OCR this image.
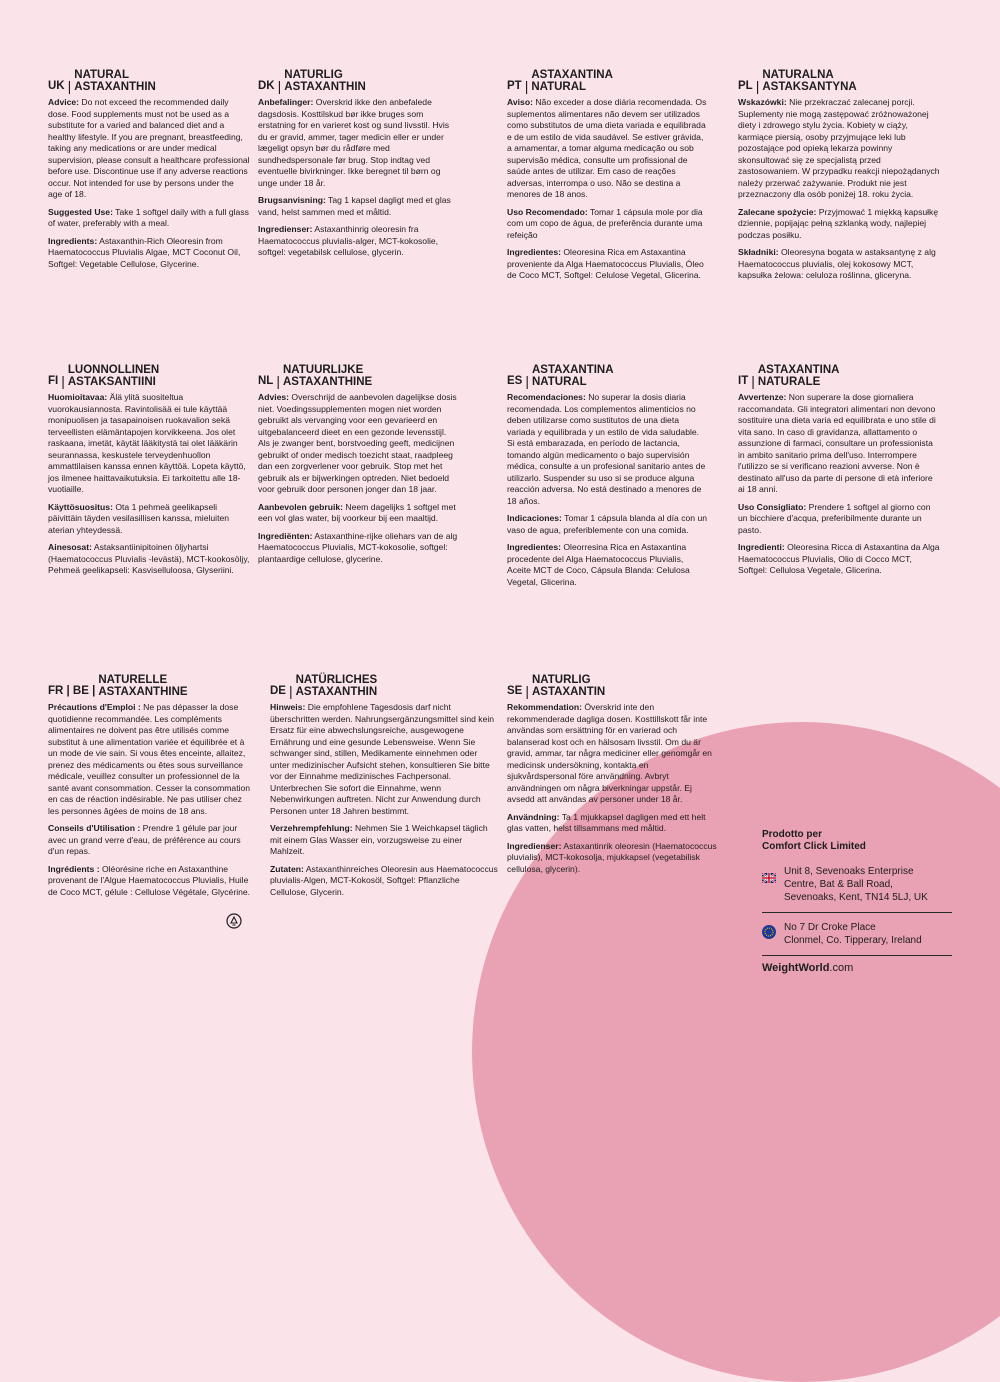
UK |
NATURAL
ASTAXANTHIN

Advice: Do not exceed the recommended daily dose. Food supplements must not be used as a substitute for a varied and balanced diet and a healthy lifestyle. If you are pregnant, breastfeeding, taking any medications or are under medical supervision, please consult a healthcare professional before use. Discontinue use if any adverse reactions occur. Not intended for use by persons under the age of 18.

Suggested Use: Take 1 softgel daily with a full glass of water, preferably with a meal.

Ingredients: Astaxanthin-Rich Oleoresin from Haematococcus Pluvialis Algae, MCT Coconut Oil, Softgel: Vegetable Cellulose, Glycerine.

DK |
NATURLIG
ASTAXANTHIN

Anbefalinger: Overskrid ikke den anbefalede dagsdosis. Kosttilskud bør ikke bruges som erstatning for en varieret kost og sund livsstil. Hvis du er gravid, ammer, tager medicin eller er under lægeligt opsyn bør du rådføre med sundhedspersonale før brug. Stop indtag ved eventuelle bivirkninger. Ikke beregnet til børn og unge under 18 år.

Brugsanvisning: Tag 1 kapsel dagligt med et glas vand, helst sammen med et måltid.

Ingredienser: Astaxanthinrig oleoresin fra Haematococcus pluvialis-alger, MCT-kokosolie, softgel: vegetabilsk cellulose, glycerin.

PT |
ASTAXANTINA
NATURAL

Aviso: Não exceder a dose diária recomendada. Os suplementos alimentares não devem ser utilizados como substitutos de uma dieta variada e equilibrada e de um estilo de vida saudável. Se estiver grávida, a amamentar, a tomar alguma medicação ou sob supervisão médica, consulte um profissional de saúde antes de utilizar. Em caso de reações adversas, interrompa o uso. Não se destina a menores de 18 anos.

Uso Recomendado: Tomar 1 cápsula mole por dia com um copo de água, de preferência durante uma refeição

Ingredientes: Oleoresina Rica em Astaxantina proveniente da Alga Haematococcus Pluvialis, Óleo de Coco MCT, Softgel: Celulose Vegetal, Glicerina.

PL |
NATURALNA
ASTAKSANTYNA

Wskazówki: Nie przekraczać zalecanej porcji. Suplementy nie mogą zastępować zróżnoważonej diety i zdrowego stylu życia. Kobiety w ciąży, karmiące piersią, osoby przyjmujące leki lub pozostające pod opieką lekarza powinny skonsultować się ze specjalistą przed zastosowaniem. W przypadku reakcji niepożądanych należy przerwać zażywanie. Produkt nie jest przeznaczony dla osób poniżej 18. roku życia.

Zalecane spożycie: Przyjmować 1 miękką kapsułkę dziennie, popijając pełną szklanką wody, najlepiej podczas posiłku.

Składniki: Oleoresyna bogata w astaksantynę z alg Haematococcus pluvialis, olej kokosowy MCT, kapsułka żelowa: celuloza roślinna, gliceryna.

FI |
LUONNOLLINEN
ASTAKSANTIINI

Huomioitavaa: Älä ylitä suositeltua vuorokausiannosta. Ravintolisää ei tule käyttää monipuolisen ja tasapainoisen ruokavalion sekä terveellisten elämäntapojen korvikkeena. Jos olet raskaana, imetät, käytät lääkitystä tai olet lääkärin seurannassa, keskustele terveydenhuollon ammattilaisen kanssa ennen käyttöä. Lopeta käyttö, jos ilmenee haittavaikutuksia. Ei tarkoitettu alle 18-vuotiaille.

Käyttösuositus: Ota 1 pehmeä geelikapseli päivittäin täyden vesilasillisen kanssa, mieluiten aterian yhteydessä.

Ainesosat: Astaksantiinipitoinen öljyhartsi (Haematococcus Pluvialis -levästä), MCT-kookosöljy, Pehmeä geelikapseli: Kasviselluloosa, Glyseriini.

NL |
NATUURLIJKE
ASTAXANTHINE

Advies: Overschrijd de aanbevolen dagelijkse dosis niet. Voedingssupplementen mogen niet worden gebruikt als vervanging voor een gevarieerd en uitgebalanceerd dieet en een gezonde levensstijl. Als je zwanger bent, borstvoeding geeft, medicijnen gebruikt of onder medisch toezicht staat, raadpleeg dan een zorgverlener voor gebruik. Stop met het gebruik als er bijwerkingen optreden. Niet bedoeld voor gebruik door personen jonger dan 18 jaar.

Aanbevolen gebruik: Neem dagelijks 1 softgel met een vol glas water, bij voorkeur bij een maaltijd.

Ingrediënten: Astaxanthine-rijke oliehars van de alg Haematococcus Pluvialis, MCT-kokosolie, softgel: plantaardige cellulose, glycerine.

ES |
ASTAXANTINA
NATURAL

Recomendaciones: No superar la dosis diaria recomendada. Los complementos alimenticios no deben utilizarse como sustitutos de una dieta variada y equilibrada y un estilo de vida saludable. Si está embarazada, en período de lactancia, tomando algún medicamento o bajo supervisión médica, consulte a un profesional sanitario antes de utilizarlo. Suspender su uso si se produce alguna reacción adversa. No está destinado a menores de 18 años.

Indicaciones: Tomar 1 cápsula blanda al día con un vaso de agua, preferiblemente con una comida.

Ingredientes: Oleorresina Rica en Astaxantina procedente del Alga Haematococcus Pluvialis, Aceite MCT de Coco, Cápsula Blanda: Celulosa Vegetal, Glicerina.

IT |
ASTAXANTINA
NATURALE

Avvertenze: Non superare la dose giornaliera raccomandata. Gli integratori alimentari non devono sostituire una dieta varia ed equilibrata e uno stile di vita sano. In caso di gravidanza, allattamento o assunzione di farmaci, consultare un professionista in ambito sanitario prima dell'uso. Interrompere l'utilizzo se si verificano reazioni avverse. Non è destinato all'uso da parte di persone di età inferiore ai 18 anni.

Uso Consigliato: Prendere 1 softgel al giorno con un bicchiere d'acqua, preferibilmente durante un pasto.

Ingredienti: Oleoresina Ricca di Astaxantina da Alga Haematococcus Pluvialis, Olio di Cocco MCT, Softgel: Cellulosa Vegetale, Glicerina.

FR | BE |
NATURELLE
ASTAXANTHINE

Précautions d'Emploi : Ne pas dépasser la dose quotidienne recommandée. Les compléments alimentaires ne doivent pas être utilisés comme substitut à une alimentation variée et équilibrée et à un mode de vie sain. Si vous êtes enceinte, allaitez, prenez des médicaments ou êtes sous surveillance médicale, veuillez consulter un professionnel de la santé avant consommation. Cesser la consommation en cas de réaction indésirable. Ne pas utiliser chez les personnes âgées de moins de 18 ans.

Conseils d'Utilisation : Prendre 1 gélule par jour avec un grand verre d'eau, de préférence au cours d'un repas.

Ingrédients : Oléorésine riche en Astaxanthine provenant de l'Algue Haematococcus Pluvialis, Huile de Coco MCT, gélule : Cellulose Végétale, Glycérine.

DE |
NATÜRLICHES
ASTAXANTHIN

Hinweis: Die empfohlene Tagesdosis darf nicht überschritten werden. Nahrungsergänzungsmittel sind kein Ersatz für eine abwechslungsreiche, ausgewogene Ernährung und eine gesunde Lebensweise. Wenn Sie schwanger sind, stillen, Medikamente einnehmen oder unter medizinischer Aufsicht stehen, konsultieren Sie bitte vor der Einnahme medizinisches Fachpersonal. Unterbrechen Sie sofort die Einnahme, wenn Nebenwirkungen auftreten. Nicht zur Anwendung durch Personen unter 18 Jahren bestimmt.

Verzehrempfehlung: Nehmen Sie 1 Weichkapsel täglich mit einem Glas Wasser ein, vorzugsweise zu einer Mahlzeit.

Zutaten: Astaxanthinreiches Oleoresin aus Haematococcus pluvialis-Algen, MCT-Kokosöl, Softgel: Pflanzliche Cellulose, Glycerin.

SE |
NATURLIG
ASTAXANTIN

Rekommendation: Överskrid inte den rekommenderade dagliga dosen. Kosttillskott får inte användas som ersättning för en varierad och balanserad kost och en hälsosam livsstil. Om du är gravid, ammar, tar några mediciner eller genomgår en medicinsk undersökning, kontakta en sjukvårdspersonal före användning. Avbryt användningen om några biverkningar uppstår. Ej avsedd att användas av personer under 18 år.

Användning: Ta 1 mjukkapsel dagligen med ett helt glas vatten, helst tillsammans med måltid.

Ingredienser: Astaxantinrik oleoresin (Haematococcus pluvialis), MCT-kokosolja, mjukkapsel (vegetabilisk cellulosa, glycerin).

Prodotto per
Comfort Click Limited
Unit 8, Sevenoaks Enterprise
Centre, Bat & Ball Road,
Sevenoaks, Kent, TN14 5LJ, UK
No 7 Dr Croke Place
Clonmel, Co. Tipperary, Ireland
WeightWorld.com
